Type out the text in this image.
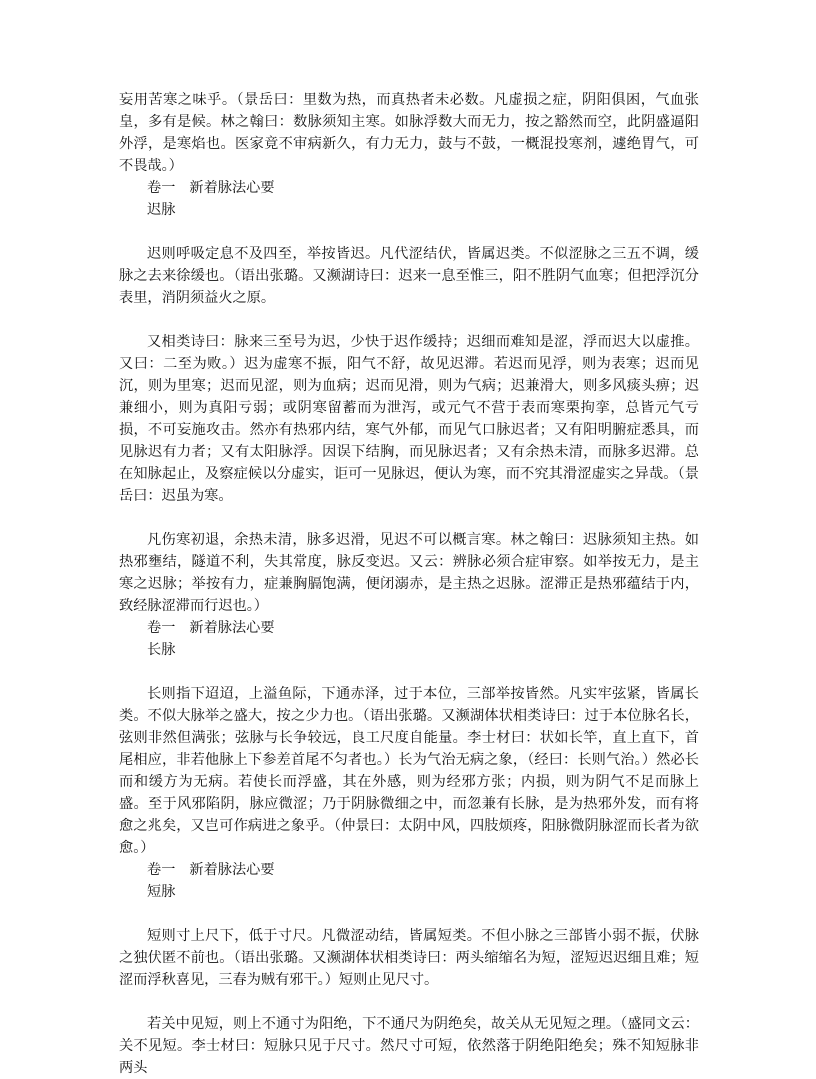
妄用苦寒之味乎。（景岳曰：里数为热，而真热者未必数。凡虚损之症，阴阳俱困，气血张皇，多有是候。林之翰曰：数脉须知主寒。如脉浮数大而无力，按之豁然而空，此阴盛逼阳外浮，是寒焰也。医家竟不审病新久，有力无力，鼓与不鼓，一概混投寒剂，遽绝胃气，可不畏哉。）

卷一 新着脉法心要

迟脉

迟则呼吸定息不及四至，举按皆迟。凡代涩结伏，皆属迟类。不似涩脉之三五不调，缓脉之去来徐缓也。（语出张璐。又濒湖诗曰：迟来一息至惟三，阳不胜阴气血寒；但把浮沉分表里，消阴须益火之原。

又相类诗曰：脉来三至号为迟，少快于迟作缓持；迟细而难知是涩，浮而迟大以虚推。又曰：二至为败。）迟为虚寒不振，阳气不舒，故见迟滞。若迟而见浮，则为表寒；迟而见沉，则为里寒；迟而见涩，则为血病；迟而见滑，则为气病；迟兼滑大，则多风痰头痹；迟兼细小，则为真阳亏弱；或阴寒留蓄而为泄泻，或元气不营于表而寒栗拘挛，总皆元气亏损，不可妄施攻击。然亦有热邪内结，寒气外郁，而见气口脉迟者；又有阳明腑症悉具，而见脉迟有力者；又有太阳脉浮。因误下结胸，而见脉迟者；又有余热未清，而脉多迟滞。总在知脉起止，及察症候以分虚实，讵可一见脉迟，便认为寒，而不究其滑涩虚实之异哉。（景岳曰：迟虽为寒。

凡伤寒初退，余热未清，脉多迟滑，见迟不可以概言寒。林之翰曰：迟脉须知主热。如热邪壅结，隧道不利，失其常度，脉反变迟。又云：辨脉必须合症审察。如举按无力，是主寒之迟脉；举按有力，症兼胸膈饱满，便闭溺赤，是主热之迟脉。涩滞正是热邪蕴结于内，致经脉涩滞而行迟也。）

卷一 新着脉法心要

长脉

长则指下迢迢，上溢鱼际，下通赤泽，过于本位，三部举按皆然。凡实牢弦紧，皆属长类。不似大脉举之盛大，按之少力也。（语出张璐。又濒湖体状相类诗曰：过于本位脉名长，弦则非然但满张；弦脉与长争较远，良工尺度自能量。李士材曰：状如长竿，直上直下，首尾相应，非若他脉上下参差首尾不匀者也。）长为气治无病之象，（经曰：长则气治。）然必长而和缓方为无病。若使长而浮盛，其在外感，则为经邪方张；内损，则为阴气不足而脉上盛。至于风邪陷阴，脉应微涩；乃于阴脉微细之中，而忽兼有长脉，是为热邪外发，而有将愈之兆矣，又岂可作病进之象乎。（仲景曰：太阴中风，四肢烦疼，阳脉微阴脉涩而长者为欲愈。）

卷一 新着脉法心要

短脉

短则寸上尺下，低于寸尺。凡微涩动结，皆属短类。不但小脉之三部皆小弱不振，伏脉之独伏匿不前也。（语出张璐。又濒湖体状相类诗曰：两头缩缩名为短，涩短迟迟细且难；短涩而浮秋喜见，三春为贼有邪干。）短则止见尺寸。

若关中见短，则上不通寸为阳绝，下不通尺为阴绝矣，故关从无见短之理。（盛同文云：关不见短。李士材曰：短脉只见于尺寸。然尺寸可短，依然落于阴绝阳绝矣；殊不知短脉非两头
